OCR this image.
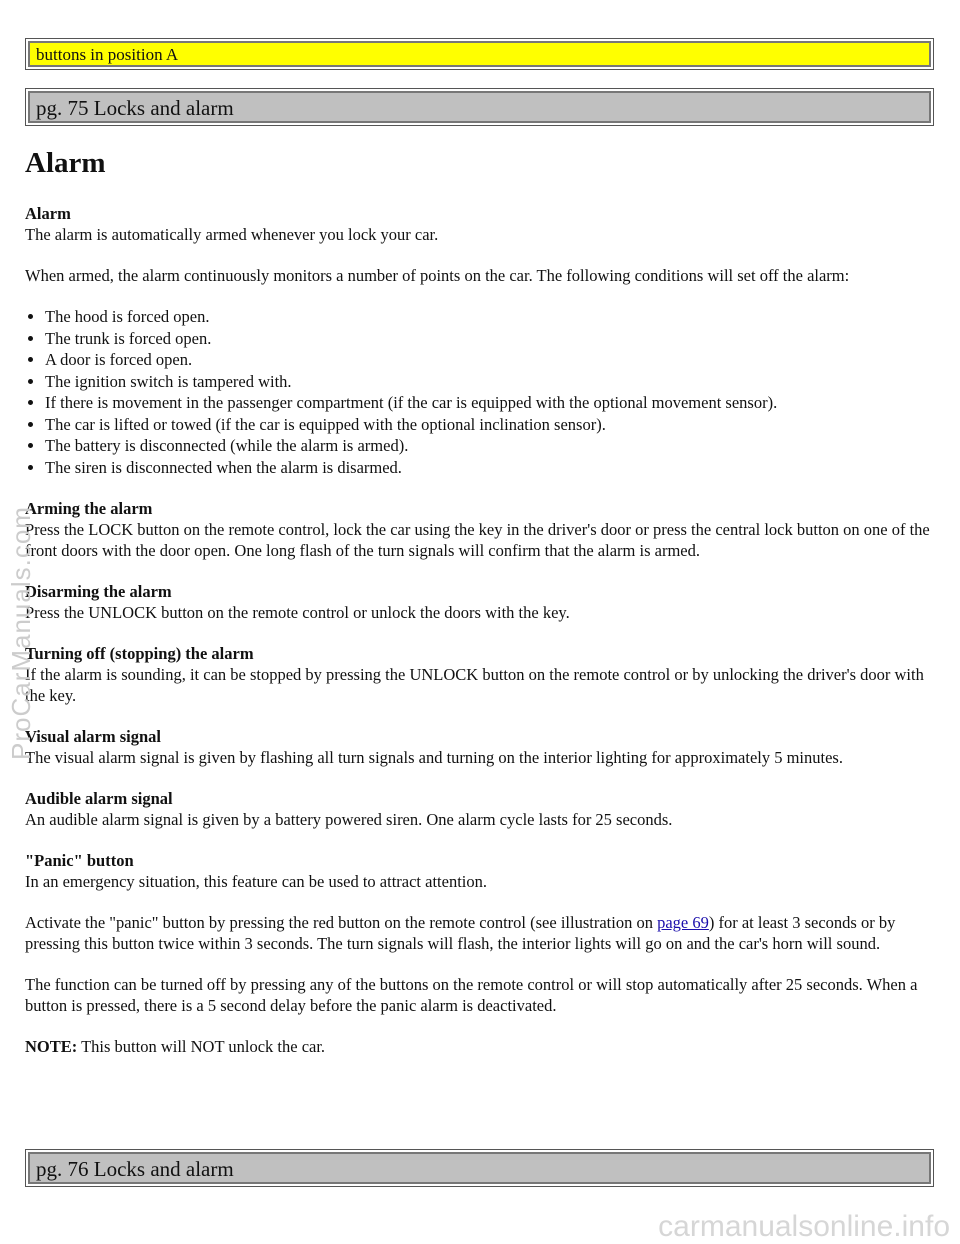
buttons in position A
pg. 75 Locks and alarm
Alarm
Alarm
The alarm is automatically armed whenever you lock your car.

When armed, the alarm continuously monitors a number of points on the car. The following conditions will set off the alarm:

• The hood is forced open.
• The trunk is forced open.
• A door is forced open.
• The ignition switch is tampered with.
• If there is movement in the passenger compartment (if the car is equipped with the optional movement sensor).
• The car is lifted or towed (if the car is equipped with the optional inclination sensor).
• The battery is disconnected (while the alarm is armed).
• The siren is disconnected when the alarm is disarmed.
Arming the alarm
Press the LOCK button on the remote control, lock the car using the key in the driver's door or press the central lock button on one of the front doors with the door open. One long flash of the turn signals will confirm that the alarm is armed.
Disarming the alarm
Press the UNLOCK button on the remote control or unlock the doors with the key.
Turning off (stopping) the alarm
If the alarm is sounding, it can be stopped by pressing the UNLOCK button on the remote control or by unlocking the driver's door with the key.
Visual alarm signal
The visual alarm signal is given by flashing all turn signals and turning on the interior lighting for approximately 5 minutes.
Audible alarm signal
An audible alarm signal is given by a battery powered siren. One alarm cycle lasts for 25 seconds.
"Panic" button
In an emergency situation, this feature can be used to attract attention.

Activate the "panic" button by pressing the red button on the remote control (see illustration on page 69) for at least 3 seconds or by pressing this button twice within 3 seconds. The turn signals will flash, the interior lights will go on and the car's horn will sound.

The function can be turned off by pressing any of the buttons on the remote control or will stop automatically after 25 seconds. When a button is pressed, there is a 5 second delay before the panic alarm is deactivated.

NOTE: This button will NOT unlock the car.

pg. 76 Locks and alarm
ProCarManuals.com
carmanualsonline.info
